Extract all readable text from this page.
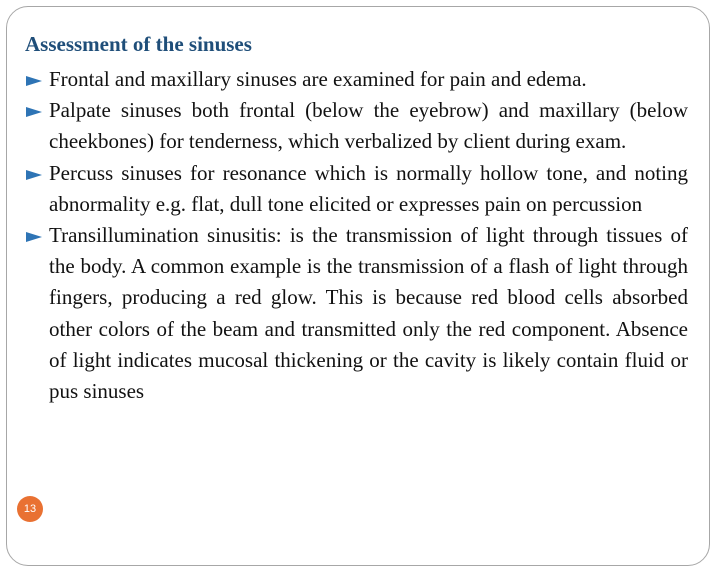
Assessment of the sinuses
Frontal and maxillary sinuses are examined for pain and edema.
Palpate sinuses both frontal (below the eyebrow) and maxillary (below cheekbones) for tenderness, which verbalized by client during exam.
Percuss sinuses for resonance which is normally hollow tone, and noting abnormality e.g. flat, dull tone elicited or expresses pain on percussion
Transillumination sinusitis: is the transmission of light through tissues of the body. A common example is the transmission of a flash of light through fingers, producing a red glow. This is because red blood cells absorbed other colors of the beam and transmitted only the red component. Absence of light indicates mucosal thickening or the cavity is likely contain fluid or pus sinuses
13
